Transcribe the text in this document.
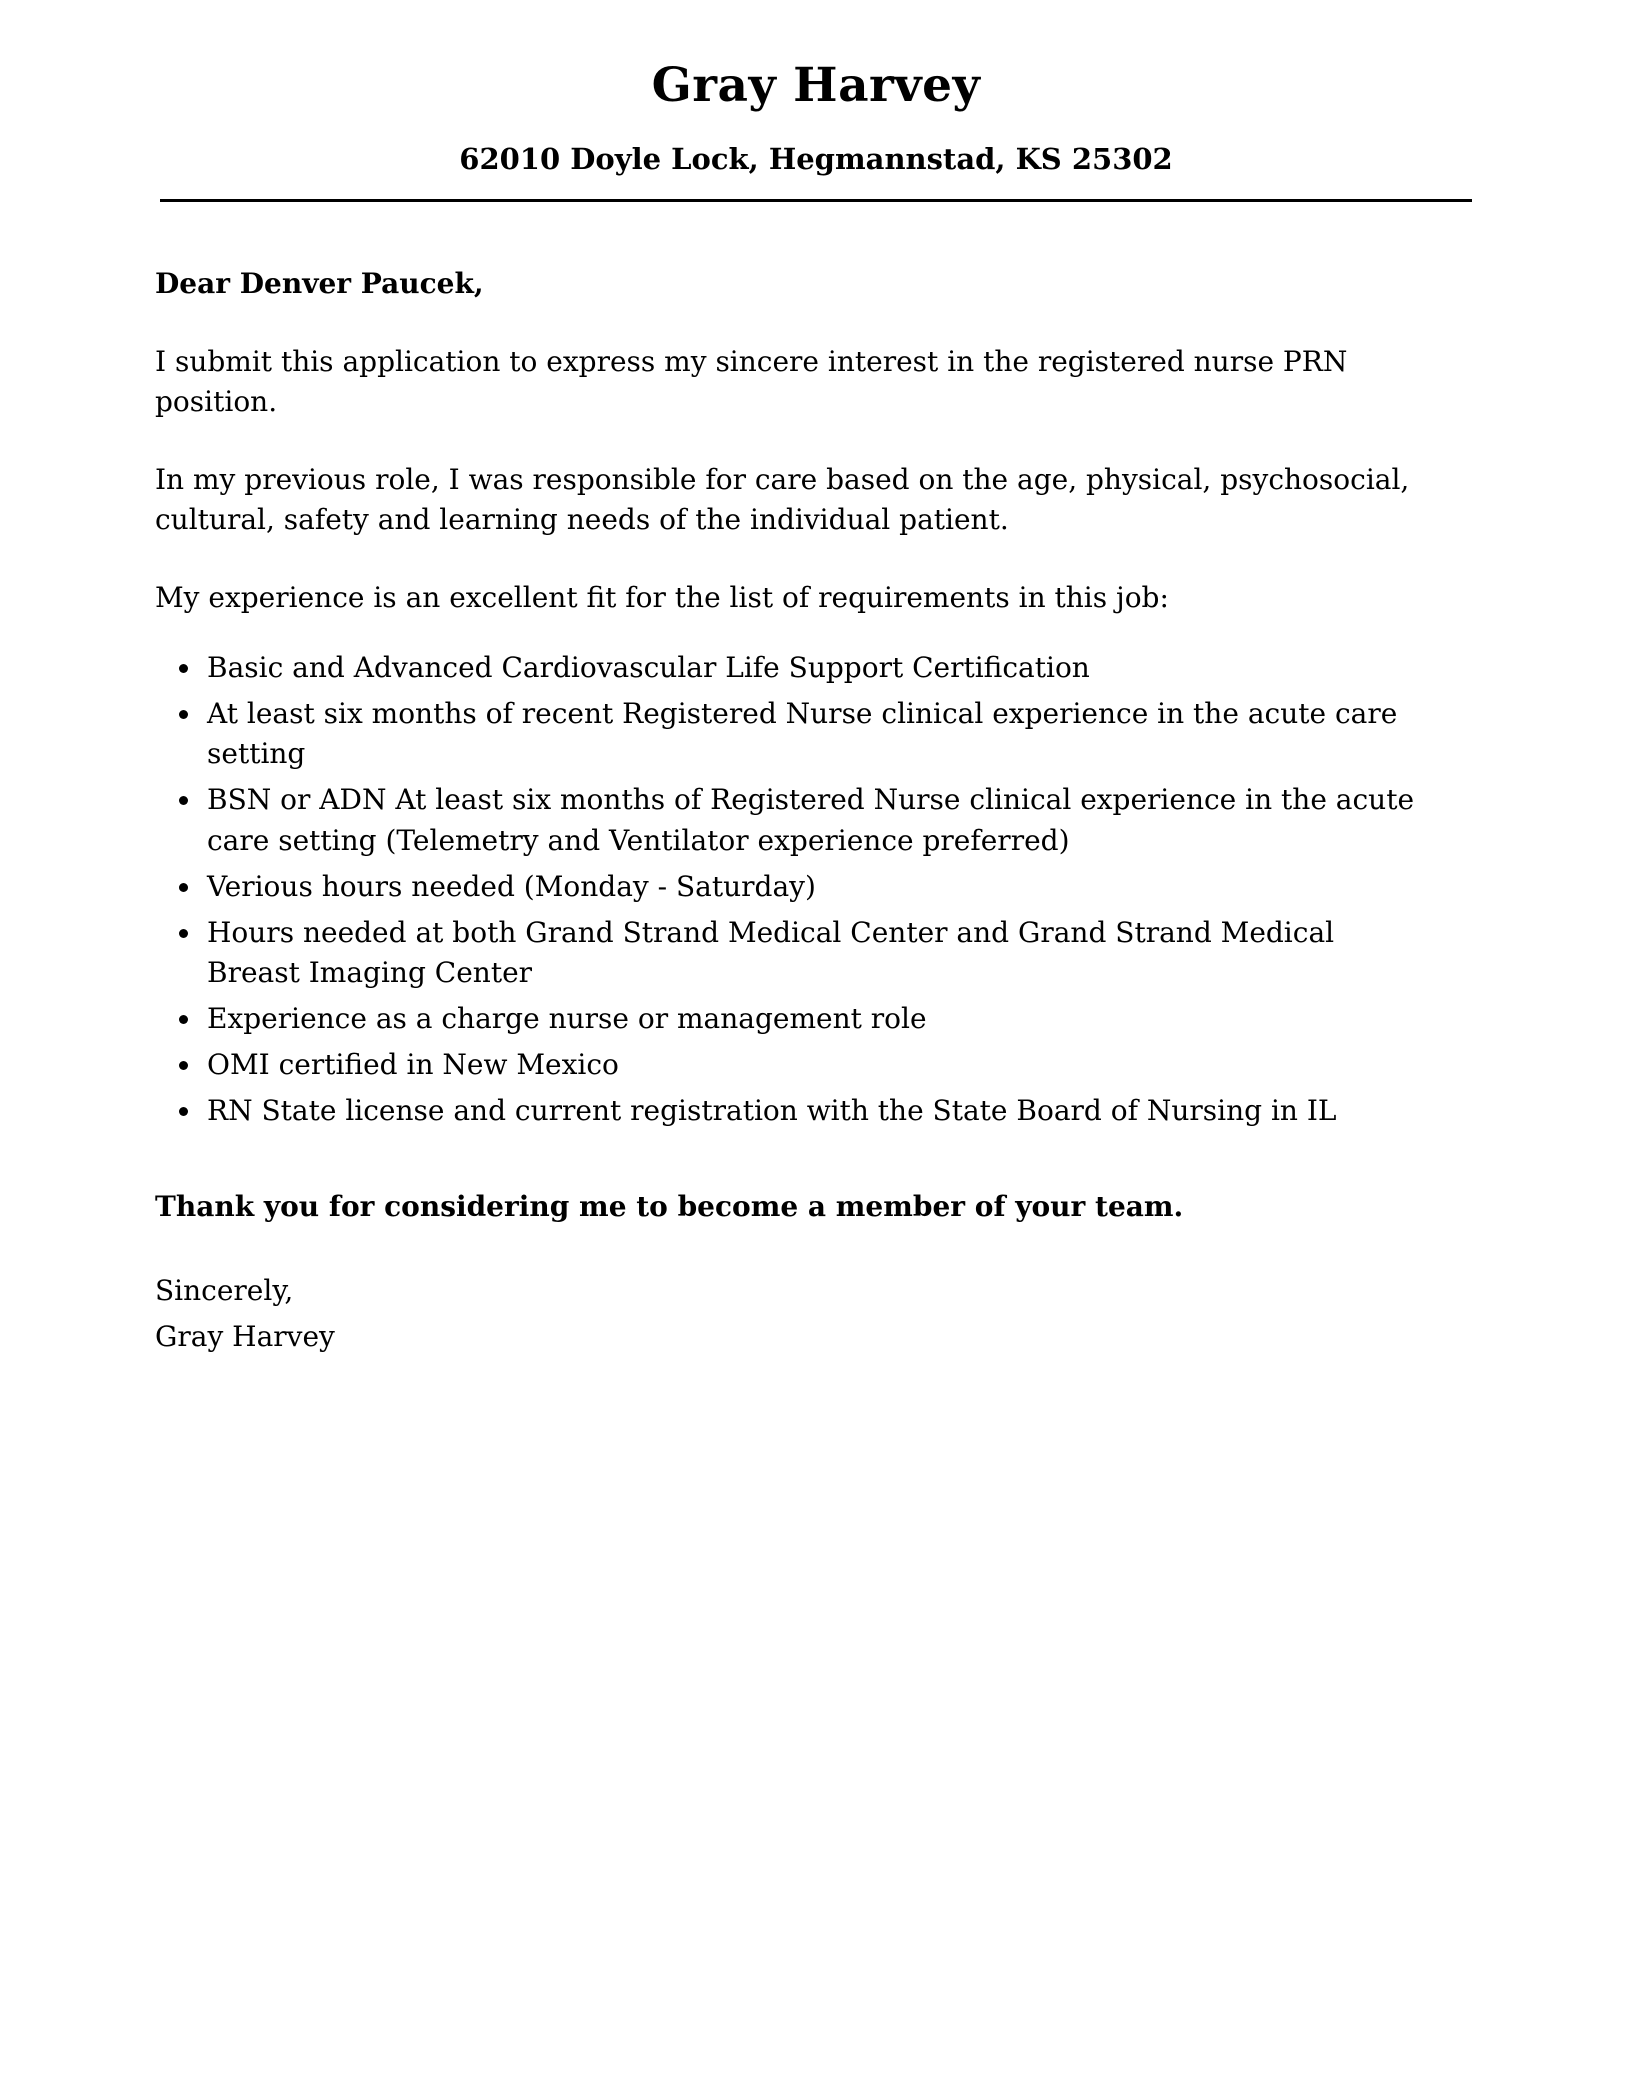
Gray Harvey
62010 Doyle Lock, Hegmannstad, KS 25302

Dear Denver Paucek,

I submit this application to express my sincere interest in the registered nurse PRN position.

In my previous role, I was responsible for care based on the age, physical, psychosocial, cultural, safety and learning needs of the individual patient.

My experience is an excellent fit for the list of requirements in this job:

• Basic and Advanced Cardiovascular Life Support Certification
• At least six months of recent Registered Nurse clinical experience in the acute care setting
• BSN or ADN At least six months of Registered Nurse clinical experience in the acute care setting (Telemetry and Ventilator experience preferred)
• Verious hours needed (Monday - Saturday)
• Hours needed at both Grand Strand Medical Center and Grand Strand Medical Breast Imaging Center
• Experience as a charge nurse or management role
• OMI certified in New Mexico
• RN State license and current registration with the State Board of Nursing in IL

Thank you for considering me to become a member of your team.

Sincerely,

Gray Harvey
